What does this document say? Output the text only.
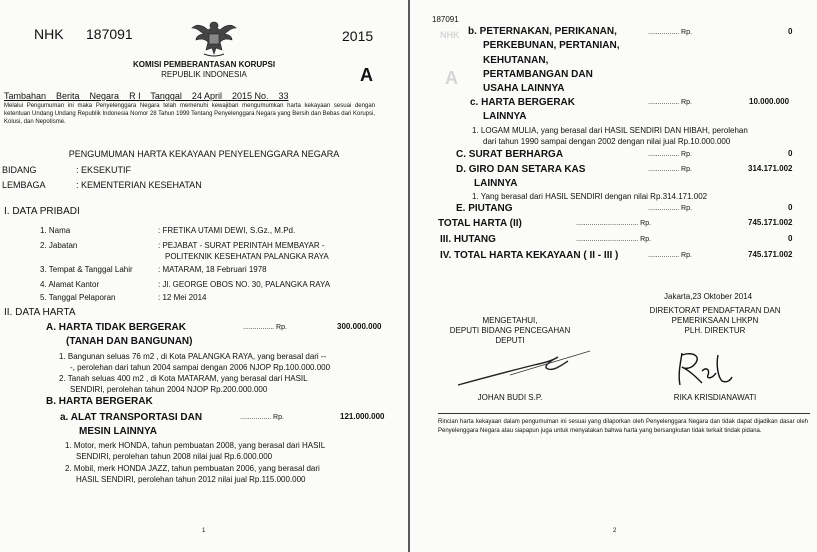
NHK 187091	2015
KOMISI PEMBERANTASAN KORUPSI
REPUBLIK INDONESIA	A
Tambahan    Berita    Negara    R I    Tanggal    24 April    2015 No.    33
Melalui Pengumuman ini maka Penyelenggara Negara telah memenuhi kewajiban mengumumkan harta kekayaan sesuai dengan ketentuan Undang Undang Republik Indonesia Nomor 28 Tahun 1999 Tentang Penyelenggara Negara yang Bersih dan Bebas dari Korupsi, Kolusi, dan Nepotisme.
PENGUMUMAN HARTA KEKAYAAN PENYELENGGARA NEGARA
BIDANG	: EKSEKUTIF
LEMBAGA	: KEMENTERIAN KESEHATAN
I. DATA PRIBADI
1. Nama	: FRETIKA UTAMI DEWI, S.Gz., M.Pd.
2. Jabatan	: PEJABAT - SURAT PERINTAH MEMBAYAR -
POLITEKNIK KESEHATAN PALANGKA RAYA
3. Tempat & Tanggal Lahir	: MATARAM, 18 Februari 1978
4. Alamat Kantor	: Jl. GEORGE OBOS NO. 30, PALANGKA RAYA
5. Tanggal Pelaporan	: 12 Mei 2014
II. DATA HARTA
A. HARTA TIDAK BERGERAK
(TANAH DAN BANGUNAN)
................ Rp.	300.000.000
1. Bangunan seluas 76 m2 , di Kota PALANGKA RAYA, yang berasal dari --
-, perolehan dari tahun 2004 sampai dengan 2006 NJOP Rp.100.000.000
2. Tanah seluas 400 m2 , di Kota MATARAM, yang berasal dari HASIL
SENDIRI, perolehan tahun 2004 NJOP Rp.200.000.000
B. HARTA BERGERAK
a. ALAT TRANSPORTASI DAN
MESIN LAINNYA
................ Rp.	121.000.000
1. Motor, merk HONDA, tahun pembuatan 2008, yang berasal dari HASIL
SENDIRI, perolehan tahun 2008 nilai jual Rp.6.000.000
2. Mobil, merk HONDA JAZZ, tahun pembuatan 2006, yang berasal dari
HASIL SENDIRI, perolehan tahun 2012 nilai jual Rp.115.000.000
1
NHK
A
187091
b. PETERNAKAN, PERIKANAN,
PERKEBUNAN, PERTANIAN,
KEHUTANAN,
PERTAMBANGAN DAN
USAHA LAINNYA
................ Rp.	0
c. HARTA BERGERAK
LAINNYA
................ Rp.	10.000.000
1. LOGAM MULIA, yang berasal dari HASIL SENDIRI DAN HIBAH, perolehan
dari tahun 1990 sampai dengan 2002 dengan nilai jual Rp.10.000.000
C. SURAT BERHARGA	................ Rp.	0
D. GIRO DAN SETARA KAS
LAINNYA
................ Rp.	314.171.002
1. Yang berasal dari HASIL SENDIRI dengan nilai Rp.314.171.002
E. PIUTANG	................ Rp.	0
TOTAL HARTA (II)	................................ Rp.	745.171.002
III. HUTANG	................................ Rp.	0
IV. TOTAL HARTA KEKAYAAN ( II - III )	................ Rp.	745.171.002
Jakarta,23 Oktober 2014
MENGETAHUI,
DEPUTI BIDANG PENCEGAHAN
DEPUTI
DIREKTORAT PENDAFTARAN DAN
PEMERIKSAAN LHKPN
PLH. DIREKTUR
JOHAN BUDI S.P.	RIKA KRISDIANAWATI
Rincian harta kekayaan dalam pengumuman ini sesuai yang dilaporkan oleh Penyelenggara Negara dan tidak dapat dijadikan dasar oleh Penyelenggara Negara atau siapapun juga untuk menyatakan bahwa harta yang bersangkutan tidak terkait tindak pidana.
2
